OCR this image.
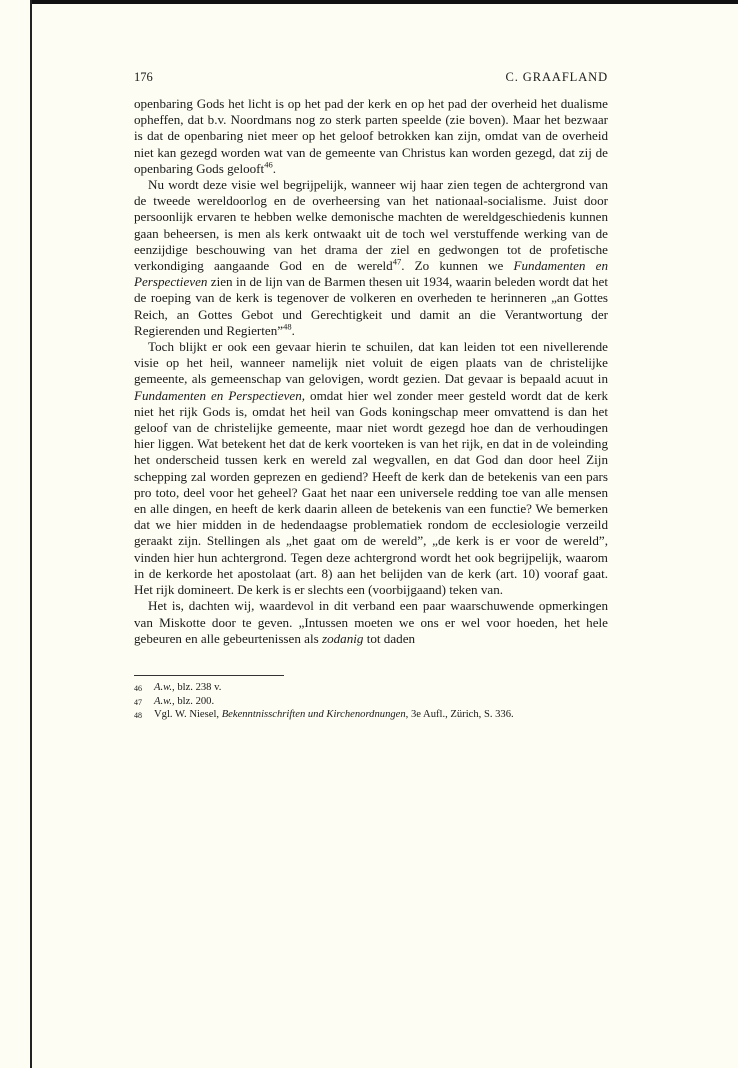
176	C. GRAAFLAND

openbaring Gods het licht is op het pad der kerk en op het pad der overheid het dualisme opheffen, dat b.v. Noordmans nog zo sterk parten speelde (zie boven). Maar het bezwaar is dat de openbaring niet meer op het geloof betrokken kan zijn, omdat van de overheid niet kan gezegd worden wat van de gemeente van Christus kan worden gezegd, dat zij de openbaring Gods gelooft$^{46}$.

Nu wordt deze visie wel begrijpelijk, wanneer wij haar zien tegen de achtergrond van de tweede wereldoorlog en de overheersing van het nationaal-socialisme. Juist door persoonlijk ervaren te hebben welke demonische machten de wereldgeschiedenis kunnen gaan beheersen, is men als kerk ontwaakt uit de toch wel verstuffende werking van de eenzijdige beschouwing van het drama der ziel en gedwongen tot de profetische verkondiging aangaande God en de wereld$^{47}$. Zo kunnen we Fundamenten en Perspectieven zien in de lijn van de Barmen thesen uit 1934, waarin beleden wordt dat het de roeping van de kerk is tegenover de volkeren en overheden te herinneren „an Gottes Reich, an Gottes Gebot und Gerechtigkeit und damit an die Verantwortung der Regierenden und Regierten”$^{48}$.

Toch blijkt er ook een gevaar hierin te schuilen, dat kan leiden tot een nivellerende visie op het heil, wanneer namelijk niet voluit de eigen plaats van de christelijke gemeente, als gemeenschap van gelovigen, wordt gezien. Dat gevaar is bepaald acuut in Fundamenten en Perspectieven, omdat hier wel zonder meer gesteld wordt dat de kerk niet het rijk Gods is, omdat het heil van Gods koningschap meer omvattend is dan het geloof van de christelijke gemeente, maar niet wordt gezegd hoe dan de verhoudingen hier liggen. Wat betekent het dat de kerk voorteken is van het rijk, en dat in de voleinding het onderscheid tussen kerk en wereld zal wegvallen, en dat God dan door heel Zijn schepping zal worden geprezen en gediend? Heeft de kerk dan de betekenis van een pars pro toto, deel voor het geheel? Gaat het naar een universele redding toe van alle mensen en alle dingen, en heeft de kerk daarin alleen de betekenis van een functie? We bemerken dat we hier midden in de hedendaagse problematiek rondom de ecclesiologie verzeild geraakt zijn. Stellingen als „het gaat om de wereld”, „de kerk is er voor de wereld”, vinden hier hun achtergrond. Tegen deze achtergrond wordt het ook begrijpelijk, waarom in de kerkorde het apostolaat (art. 8) aan het belijden van de kerk (art. 10) vooraf gaat. Het rijk domineert. De kerk is er slechts een (voorbijgaand) teken van.

Het is, dachten wij, waardevol in dit verband een paar waarschuwende opmerkingen van Miskotte door te geven. „Intussen moeten we ons er wel voor hoeden, het hele gebeuren en alle gebeurtenissen als zodanig tot daden

46	A.w., blz. 238 v.
47	A.w., blz. 200.
48	Vgl. W. Niesel, Bekenntnisschriften und Kirchenordnungen, 3e Aufl., Zürich, S. 336.
